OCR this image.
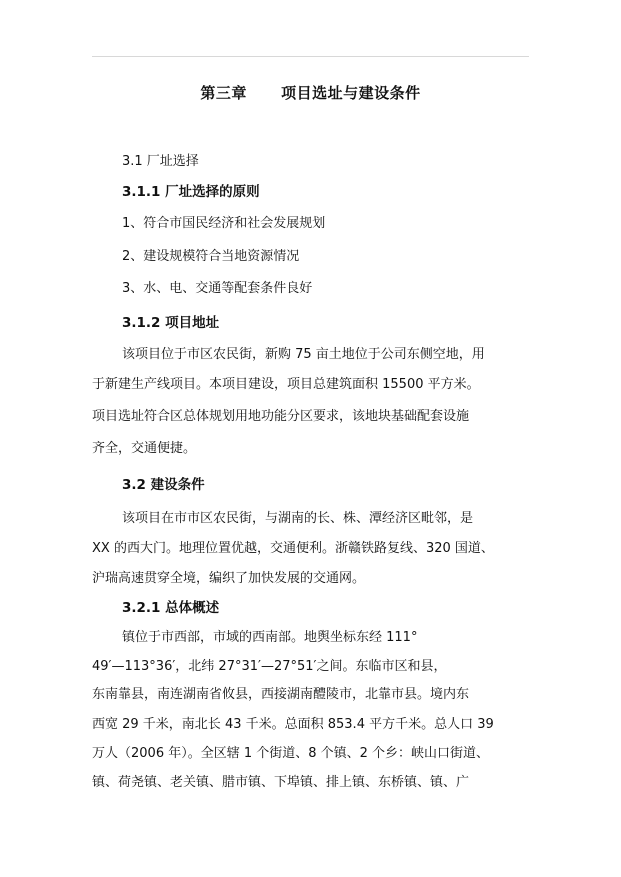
第三章      项目选址与建设条件
3.1 厂址选择
3.1.1 厂址选择的原则
1、符合市国民经济和社会发展规划
2、建设规模符合当地资源情况
3、水、电、交通等配套条件良好
3.1.2 项目地址
该项目位于市区农民街，新购 75 亩土地位于公司东侧空地，用
于新建生产线项目。本项目建设，项目总建筑面积 15500 平方米。
项目选址符合区总体规划用地功能分区要求，该地块基础配套设施
齐全，交通便捷。
3.2 建设条件
该项目在市市区农民街，与湖南的长、株、潭经济区毗邻，是
XX 的西大门。地理位置优越，交通便利。浙赣铁路复线、320 国道、
沪瑞高速贯穿全境，编织了加快发展的交通网。
3.2.1 总体概述
镇位于市西部，市域的西南部。地舆坐标东经 111°
49′—113°36′，北纬 27°31′—27°51′之间。东临市区和县，
东南靠县，南连湖南省攸县，西接湖南醴陵市，北靠市县。境内东
西宽 29 千米，南北长 43 千米。总面积 853.4 平方千米。总人口 39
万人（2006 年）。全区辖 1 个街道、8 个镇、2 个乡：峡山口街道、
镇、荷尧镇、老关镇、腊市镇、下埠镇、排上镇、东桥镇、镇、广
